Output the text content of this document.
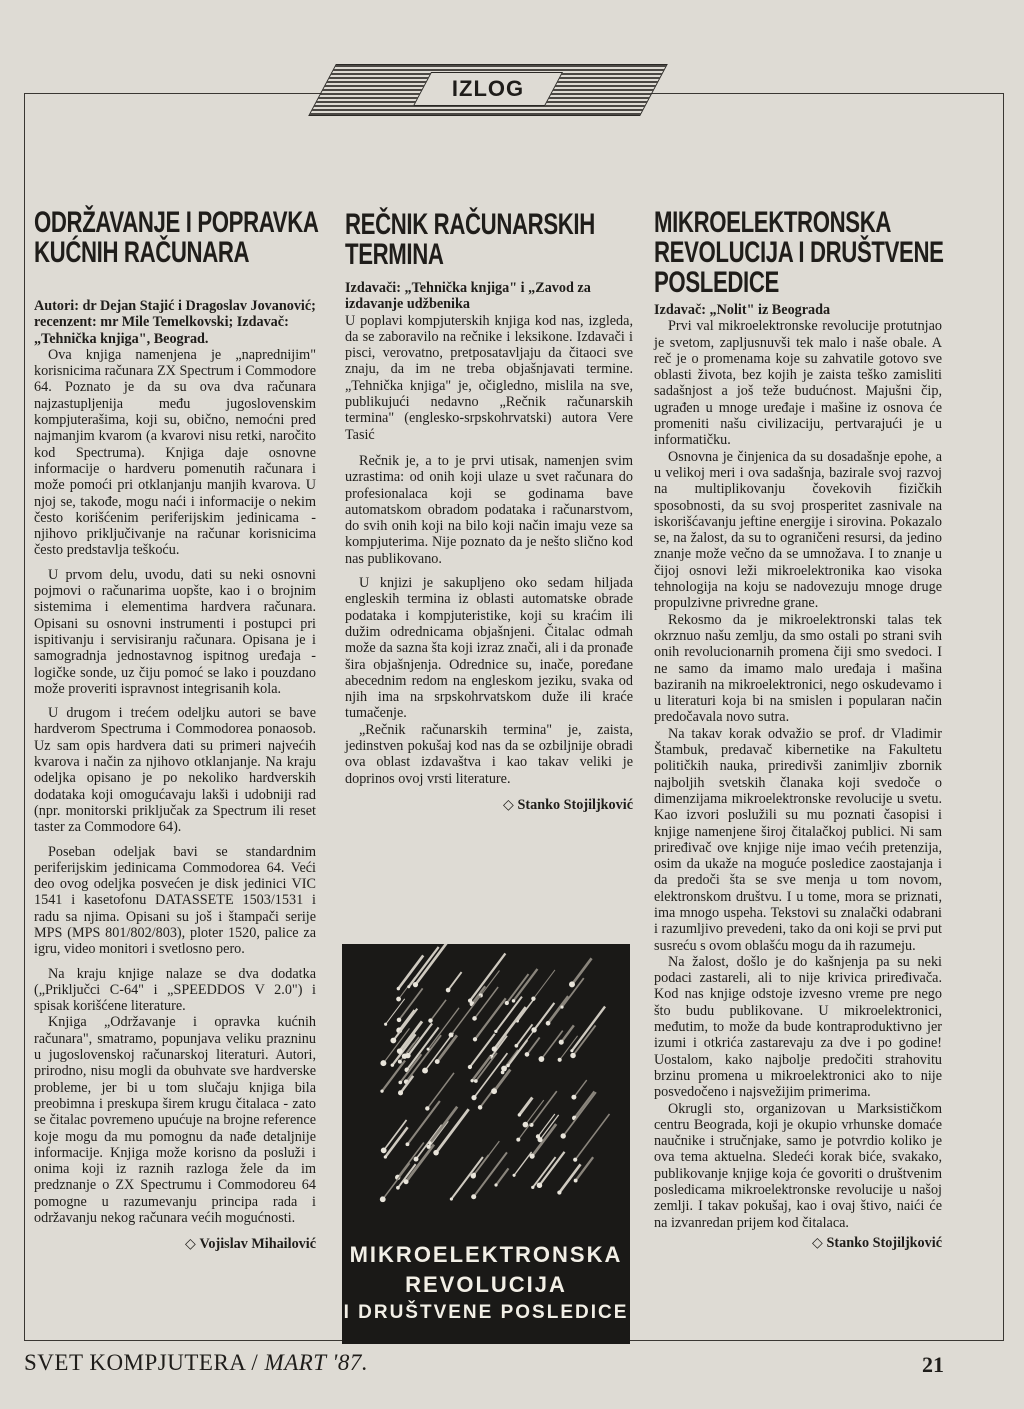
IZLOG
ODRŽAVANJE I POPRAVKA
KUĆNIH RAČUNARA

Autori: dr Dejan Stajić i Dragoslav Jovanović; recenzent: mr Mile Temelkovski; Izdavač: „Tehnička knjiga", Beograd.

Ova knjiga namenjena je „naprednijim" korisnicima računara ZX Spectrum i Commodore 64. Poznato je da su ova dva računara najzastupljenija među jugoslovenskim kompjuterašima, koji su, obično, nemoćni pred najmanjim kvarom (a kvarovi nisu retki, naročito kod Spectruma). Knjiga daje osnovne informacije o hardveru pomenutih računara i može pomoći pri otklanjanju manjih kvarova. U njoj se, takođe, mogu naći i informacije o nekim često korišćenim periferijskim jedinicama - njihovo priključivanje na računar korisnicima često predstavlja teškoću.

U prvom delu, uvodu, dati su neki osnovni pojmovi o računarima uopšte, kao i o brojnim sistemima i elementima hardvera računara. Opisani su osnovni instrumenti i postupci pri ispitivanju i servisiranju računara. Opisana je i samogradnja jednostavnog ispitnog uređaja - logičke sonde, uz čiju pomoć se lako i pouzdano može proveriti ispravnost integrisanih kola.

U drugom i trećem odeljku autori se bave hardverom Spectruma i Commodorea ponaosob. Uz sam opis hardvera dati su primeri najvećih kvarova i način za njihovo otklanjanje. Na kraju odeljka opisano je po nekoliko hardverskih dodataka koji omogućavaju lakši i udobniji rad (npr. monitorski priključak za Spectrum ili reset taster za Commodore 64).

Poseban odeljak bavi se standardnim periferijskim jedinicama Commodorea 64. Veći deo ovog odeljka posvećen je disk jedinici VIC 1541 i kasetofonu DATASSETE 1503/1531 i radu sa njima. Opisani su još i štampači serije MPS (MPS 801/802/803), ploter 1520, palice za igru, video monitori i svetlosno pero.

Na kraju knjige nalaze se dva dodatka („Priključci C-64" i „SPEEDDOS V 2.0") i spisak korišćene literature.

Knjiga „Održavanje i opravka kućnih računara", smatramo, popunjava veliku prazninu u jugoslovenskoj računarskoj literaturi. Autori, prirodno, nisu mogli da obuhvate sve hardverske probleme, jer bi u tom slučaju knjiga bila preobimna i preskupa širem krugu čitalaca - zato se čitalac povremeno upućuje na brojne reference koje mogu da mu pomognu da nađe detaljnije informacije. Knjiga može korisno da posluži i onima koji iz raznih razloga žele da im predznanje o ZX Spectrumu i Commodoreu 64 pomogne u razumevanju principa rada i održavanju nekog računara većih mogućnosti.

◇ Vojislav Mihailović
REČNIK RAČUNARSKIH
TERMINA

Izdavači: „Tehnička knjiga" i „Zavod za izdavanje udžbenika

U poplavi kompjuterskih knjiga kod nas, izgleda, da se zaboravilo na rečnike i leksikone. Izdavači i pisci, verovatno, pretposatavljaju da čitaoci sve znaju, da im ne treba objašnjavati termine. „Tehnička knjiga" je, očigledno, mislila na sve, publikujući nedavno „Rečnik računarskih termina" (englesko-srpskohrvatski) autora Vere Tasić

Rečnik je, a to je prvi utisak, namenjen svim uzrastima: od onih koji ulaze u svet računara do profesionalaca koji se godinama bave automatskom obradom podataka i računarstvom, do svih onih koji na bilo koji način imaju veze sa kompjuterima. Nije poznato da je nešto slično kod nas publikovano.

U knjizi je sakupljeno oko sedam hiljada engleskih termina iz oblasti automatske obrade podataka i kompjuteristike, koji su kraćim ili dužim odrednicama objašnjeni. Čitalac odmah može da sazna šta koji izraz znači, ali i da pronađe šira objašnjenja. Odrednice su, inače, poređane abecednim redom na engleskom jeziku, svaka od njih ima na srpskohrvatskom duže ili kraće tumačenje.

„Rečnik računarskih termina" je, zaista, jedinstven pokušaj kod nas da se ozbiljnije obradi ova oblast izdavaštva i kao takav veliki je doprinos ovoj vrsti literature.

◇ Stanko Stojiljković
MIKROELEKTRONSKA
REVOLUCIJA
I DRUŠTVENE POSLEDICE
MIKROELEKTRONSKA
REVOLUCIJA I DRUŠTVENE
POSLEDICE

Izdavač: „Nolit" iz Beograda

Prvi val mikroelektronske revolucije protutnjao je svetom, zapljusnuvši tek malo i naše obale. A reč je o promenama koje su zahvatile gotovo sve oblasti života, bez kojih je zaista teško zamisliti sadašnjost a još teže budućnost. Majušni čip, ugrađen u mnoge uređaje i mašine iz osnova će promeniti našu civilizaciju, pertvarajući je u informatičku.

Osnovna je činjenica da su dosadašnje epohe, a u velikoj meri i ova sadašnja, bazirale svoj razvoj na multiplikovanju čovekovih fizičkih sposobnosti, da su svoj prosperitet zasnivale na iskorišćavanju jeftine energije i sirovina. Pokazalo se, na žalost, da su to ograničeni resursi, da jedino znanje može večno da se umnožava. I to znanje u čijoj osnovi leži mikroelektronika kao visoka tehnologija na koju se nadovezuju mnoge druge propulzivne privredne grane.

Rekosmo da je mikroelektronski talas tek okrznuo našu zemlju, da smo ostali po strani svih onih revolucionarnih promena čiji smo svedoci. I ne samo da imamo malo uređaja i mašina baziranih na mikroelektronici, nego oskudevamo i u literaturi koja bi na smislen i popularan način predočavala novo sutra.

Na takav korak odvažio se prof. dr Vladimir Štambuk, predavač kibernetike na Fakultetu političkih nauka, priredivši zanimljiv zbornik najboljih svetskih članaka koji svedoče o dimenzijama mikroelektronske revolucije u svetu. Kao izvori poslužili su mu poznati časopisi i knjige namenjene široj čitalačkoj publici. Ni sam priređivač ove knjige nije imao većih pretenzija, osim da ukaže na moguće posledice zaostajanja i da predoči šta se sve menja u tom novom, elektronskom društvu. I u tome, mora se priznati, ima mnogo uspeha. Tekstovi su znalački odabrani i razumljivo prevedeni, tako da oni koji se prvi put susreću s ovom oblašću mogu da ih razumeju.

Na žalost, došlo je do kašnjenja pa su neki podaci zastareli, ali to nije krivica priređivača. Kod nas knjige odstoje izvesno vreme pre nego što budu publikovane. U mikroelektronici, međutim, to može da bude kontraproduktivno jer izumi i otkrića zastarevaju za dve i po godine! Uostalom, kako najbolje predočiti strahovitu brzinu promena u mikroelektronici ako to nije posvedočeno i najsvežijim primerima.

Okrugli sto, organizovan u Marksističkom centru Beograda, koji je okupio vrhunske domaće naučnike i stručnjake, samo je potvrdio koliko je ova tema aktuelna. Sledeći korak biće, svakako, publikovanje knjige koja će govoriti o društvenim posledicama mikroelektronske revolucije u našoj zemlji. I takav pokušaj, kao i ovaj štivo, naići će na izvanredan prijem kod čitalaca.

◇ Stanko Stojiljković
SVET KOMPJUTERA / MART '87.	21
